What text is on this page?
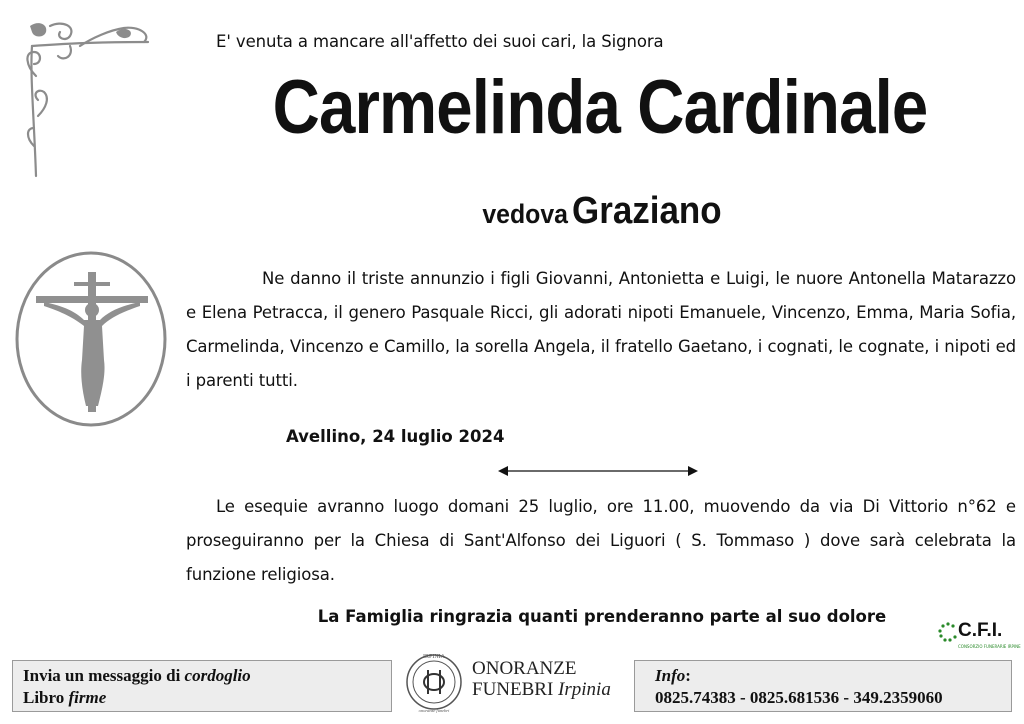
E' venuta a mancare all'affetto dei suoi cari, la Signora
Carmelinda Cardinale
vedova Graziano
Ne danno il triste annunzio i figli Giovanni, Antonietta e Luigi, le nuore Antonella Matarazzo e Elena Petracca, il genero Pasquale Ricci, gli adorati nipoti Emanuele, Vincenzo, Emma, Maria Sofia, Carmelinda, Vincenzo e Camillo, la sorella Angela, il fratello Gaetano, i cognati, le cognate, i nipoti ed i parenti tutti.
Avellino, 24 luglio 2024
Le esequie avranno luogo domani 25 luglio, ore 11.00, muovendo da via Di Vittorio n°62 e proseguiranno per la Chiesa di Sant'Alfonso dei Liguori ( S. Tommaso ) dove sarà celebrata la funzione religiosa.
La Famiglia ringrazia quanti prenderanno parte al suo dolore
C.F.I.
CONSORZIO FUNERARIE IRPINE
Invia un messaggio di cordoglio
Libro firme
IRPINIA
onoranze funebri
ONORANZE
FUNEBRI Irpinia
Info:
0825.74383 - 0825.681536 - 349.2359060
